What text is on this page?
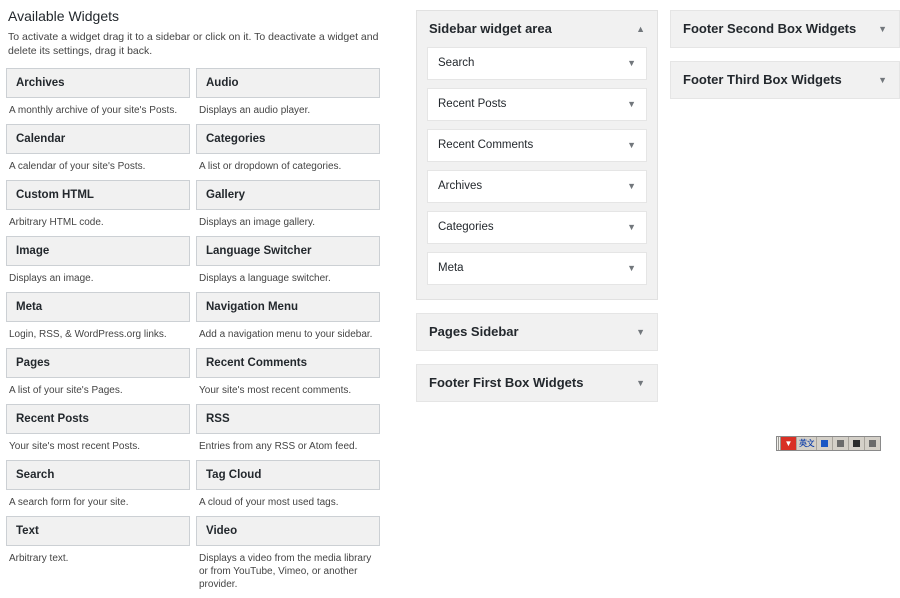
Available Widgets

To activate a widget drag it to a sidebar or click on it. To deactivate a widget and delete its settings, drag it back.

Archives
A monthly archive of your site's Posts.
Audio
Displays an audio player.
Calendar
A calendar of your site's Posts.
Categories
A list or dropdown of categories.
Custom HTML
Arbitrary HTML code.
Gallery
Displays an image gallery.
Image
Displays an image.
Language Switcher
Displays a language switcher.
Meta
Login, RSS, & WordPress.org links.
Navigation Menu
Add a navigation menu to your sidebar.
Pages
A list of your site's Pages.
Recent Comments
Your site's most recent comments.
Recent Posts
Your site's most recent Posts.
RSS
Entries from any RSS or Atom feed.
Search
A search form for your site.
Tag Cloud
A cloud of your most used tags.
Text
Arbitrary text.
Video
Displays a video from the media library or from YouTube, Vimeo, or another provider.
Sidebar widget area	▲
Search	▼
Recent Posts	▼
Recent Comments	▼
Archives	▼
Categories	▼
Meta	▼
Pages Sidebar	▼
Footer First Box Widgets	▼
Footer Second Box Widgets ▼
Footer Third Box Widgets	▼
▼ 英文
